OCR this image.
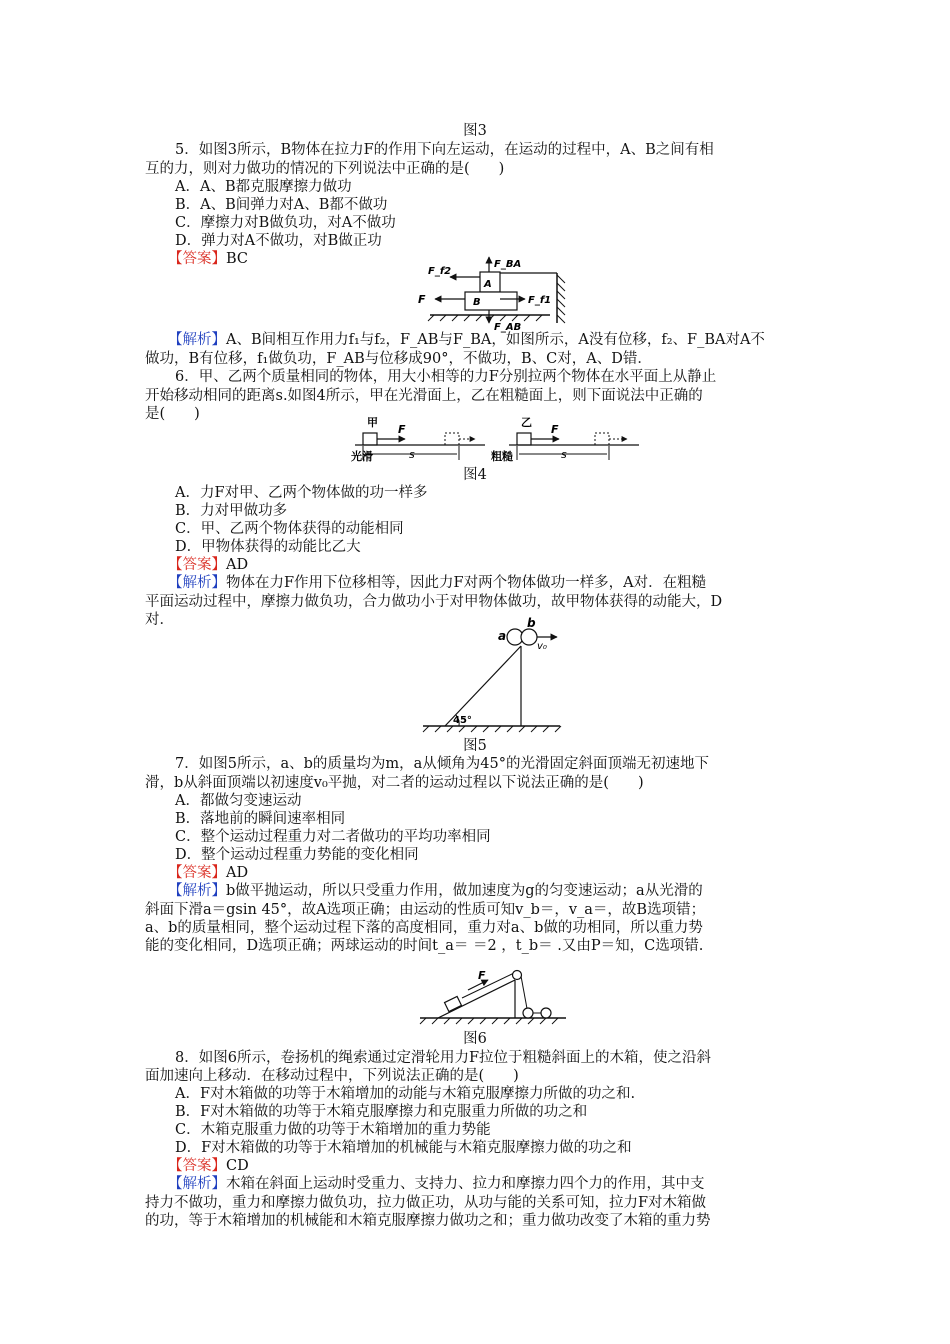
图3
5．如图3所示，B物体在拉力F的作用下向左运动，在运动的过程中，A、B之间有相
互的力，则对力做功的情况的下列说法中正确的是(　　)
A．A、B都克服摩擦力做功
B．A、B间弹力对A、B都不做功
C．摩擦力对B做负功，对A不做功
D．弹力对A不做功，对B做正功
【答案】BC	F_BA
F_f2
A
F	B	F_f1
F_AB
【解析】A、B间相互作用力f₁与f₂，F_AB与F_BA，如图所示，A没有位移，f₂、F_BA对A不
做功，B有位移，f₁做负功，F_AB与位移成90°，不做功，B、C对，A、D错．
6．甲、乙两个质量相同的物体，用大小相等的力F分别拉两个物体在水平面上从静止
开始移动相同的距离s.如图4所示，甲在光滑面上，乙在粗糙面上，则下面说法中正确的
是(　　)
甲
F
光滑	s
乙
F
粗糙	s
图4
A．力F对甲、乙两个物体做的功一样多
B．力对甲做功多
C．甲、乙两个物体获得的动能相同
D．甲物体获得的动能比乙大
【答案】AD
【解析】物体在力F作用下位移相等，因此力F对两个物体做功一样多，A对．在粗糙
平面运动过程中，摩擦力做负功，合力做功小于对甲物体做功，故甲物体获得的动能大，D
对．
a
b
v₀
45°
图5
7．如图5所示，a、b的质量均为m，a从倾角为45°的光滑固定斜面顶端无初速地下
滑，b从斜面顶端以初速度v₀平抛，对二者的运动过程以下说法正确的是(　　)
A．都做匀变速运动
B．落地前的瞬间速率相同
C．整个运动过程重力对二者做功的平均功率相同
D．整个运动过程重力势能的变化相同
【答案】AD
【解析】b做平抛运动，所以只受重力作用，做加速度为g的匀变速运动；a从光滑的
斜面下滑a＝gsin 45°，故A选项正确；由运动的性质可知v_b＝，v_a＝，故B选项错；
a、b的质量相同，整个运动过程下落的高度相同，重力对a、b做的功相同，所以重力势
能的变化相同，D选项正确；两球运动的时间t_a＝ ＝2 ，t_b＝ .又由P＝知，C选项错.
F
图6
8．如图6所示，卷扬机的绳索通过定滑轮用力F拉位于粗糙斜面上的木箱，使之沿斜
面加速向上移动．在移动过程中，下列说法正确的是(　　)
A．F对木箱做的功等于木箱增加的动能与木箱克服摩擦力所做的功之和.
B．F对木箱做的功等于木箱克服摩擦力和克服重力所做的功之和
C．木箱克服重力做的功等于木箱增加的重力势能
D．F对木箱做的功等于木箱增加的机械能与木箱克服摩擦力做的功之和
【答案】CD
【解析】木箱在斜面上运动时受重力、支持力、拉力和摩擦力四个力的作用，其中支
持力不做功，重力和摩擦力做负功，拉力做正功，从功与能的关系可知，拉力F对木箱做
的功，等于木箱增加的机械能和木箱克服摩擦力做功之和；重力做功改变了木箱的重力势
